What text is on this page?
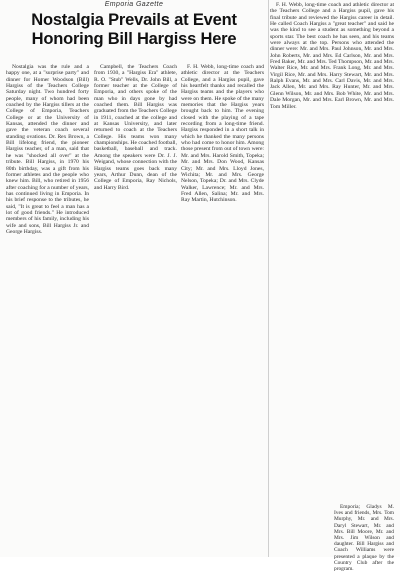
Emporia Gazette
Nostalgia Prevails at Event
Honoring Bill Hargiss Here

Nostalgia was the rule and a happy one, at a "surprise party" and dinner for Homer Woodson (Bill) Hargiss of the Teachers College Saturday night. Two hundred forty people, many of whom had been coached by the Hargiss tillers at the College of Emporia, Teachers College or at the University of Kansas, attended the dinner and gave the veteran coach several standing ovations. Dr. Rex Brown, a Bill lifelong friend, the pioneer Hargiss teacher, of a man, said that he was "shocked all over" at the tribute. Bill Hargiss, in 1970 his 80th birthday, was a gift from his former athletes and the people who knew him. Bill, who retired in 1956 after coaching for a number of years, has continued living in Emporia. In his brief response to the tributes, he said, "It is great to feel a man has a lot of good friends." He introduced members of his family, including his wife and sons, Bill Hargiss Jr. and George Hargiss.

Campbell, the Teachers Coach from 1930, a "Hargiss Era" athlete, R. O. "Stub" Wells, Dr. John Bill, a former teacher at the College of Emporia, and others spoke of the man who in days gone by had coached them. Bill Hargiss was graduated from the Teachers College in 1911, coached at the college and at Kansas University, and later returned to coach at the Teachers College. His teams won many championships. He coached football, basketball, baseball and track. Among the speakers were Dr. J. J. Weigand, whose connection with the Hargiss teams goes back many years, Arthur Dunn, dean of the College of Emporia, Ray Nichols, and Harry Bird.

F. H. Webb, long-time coach and athletic director at the Teachers College, and a Hargiss pupil, gave his heartfelt thanks and recalled the Hargiss teams and the players who were on them. He spoke of the many memories that the Hargiss years brought back to him. The evening closed with the playing of a tape recording from a long-time friend. Hargiss responded in a short talk in which he thanked the many persons who had come to honor him. Among those present from out of town were: Mr. and Mrs. Harold Smith, Topeka; Mr. and Mrs. Don Wood, Kansas City; Mr. and Mrs. Lloyd Jones, Wichita; Mr. and Mrs. George Nelson, Topeka; Dr. and Mrs. Clyde Walker, Lawrence; Mr. and Mrs. Fred Allen, Salina; Mr. and Mrs. Ray Martin, Hutchinson.

F. H. Webb, long-time coach and athletic director at the Teachers College and a Hargiss pupil, gave his final tribute and reviewed the Hargiss career in detail. He called Coach Hargiss a "great teacher" and said he was the kind to see a student as something beyond a sports star. The best coach he has seen, and his teams were always at the top. Persons who attended the dinner were: Mr. and Mrs. Paul Johnson, Mr. and Mrs. John Roberts, Mr. and Mrs. Ed Carlson, Mr. and Mrs. Fred Baker, Mr. and Mrs. Ted Thompson, Mr. and Mrs. Walter Rice, Mr. and Mrs. Frank Long, Mr. and Mrs. Virgil Rice, Mr. and Mrs. Harry Stewart, Mr. and Mrs. Ralph Evans, Mr. and Mrs. Carl Davis, Mr. and Mrs. Jack Allen, Mr. and Mrs. Ray Hunter, Mr. and Mrs. Glenn Wilson, Mr. and Mrs. Bob White, Mr. and Mrs. Dale Morgan, Mr. and Mrs. Earl Brown, Mr. and Mrs. Tom Miller.

Emporia; Gladys M. Ives and friends, Mrs. Tom Murphy, Mr. and Mrs. Daryl Stewart, Mr. and Mrs. Bill Moore, Mr. and Mrs. Jim Wilson and daughter. Bill Hargiss and Coach Williams were presented a plaque by the Country Club after the program.
